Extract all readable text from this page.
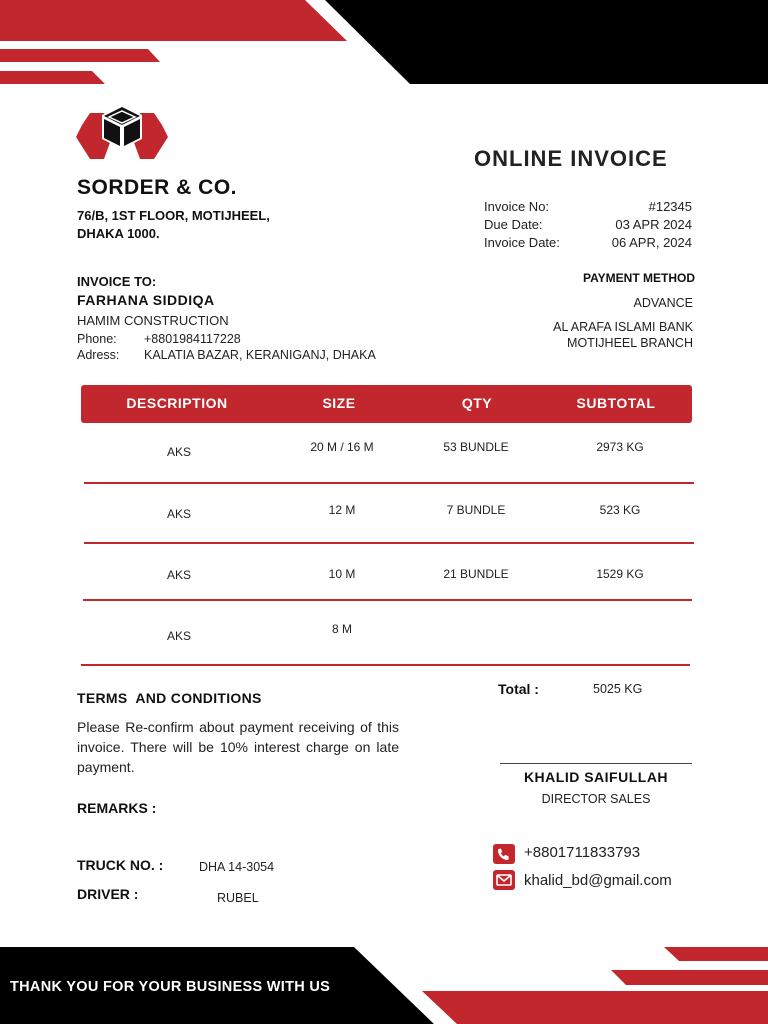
SORDER & CO.
76/B, 1ST FLOOR, MOTIJHEEL,
DHAKA 1000.
ONLINE INVOICE
Invoice No:	#12345
Due Date:	03 APR 2024
Invoice Date:	06 APR, 2024
PAYMENT METHOD
ADVANCE
AL ARAFA ISLAMI BANK
MOTIJHEEL BRANCH
INVOICE TO:
FARHANA SIDDIQA
HAMIM CONSTRUCTION
Phone: +8801984117228
Adress: KALATIA BAZAR, KERANIGANJ, DHAKA
DESCRIPTION	SIZE	QTY	SUBTOTAL
AKS	20 M / 16 M	53 BUNDLE	2973 KG
AKS	12 M	7 BUNDLE	523 KG
AKS	10 M	21 BUNDLE	1529 KG
AKS	8 M
Total :	5025 KG
TERMS  AND CONDITIONS
Please Re-confirm about payment receiving of this invoice. There will be 10% interest charge on late payment.
REMARKS :
TRUCK NO. :	DHA 14-3054
DRIVER :	RUBEL
KHALID SAIFULLAH
DIRECTOR SALES
+8801711833793
khalid_bd@gmail.com
THANK YOU FOR YOUR BUSINESS WITH US
